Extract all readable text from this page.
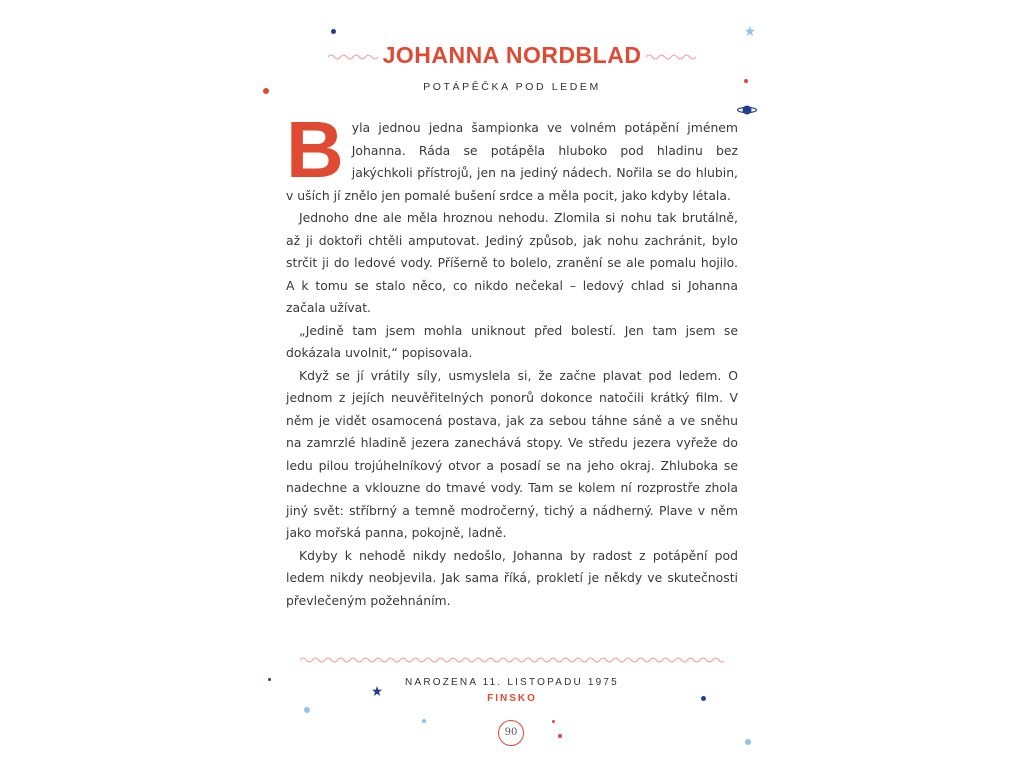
JOHANNA NORDBLAD
POTÁPĚČKA POD LEDEM

Byla jednou jedna šampionka ve volném potápění jménem Johanna. Ráda se potápěla hluboko pod hladinu bez jakýchkoli přístrojů, jen na jediný nádech. Nořila se do hlubin, v uších jí znělo jen pomalé bušení srdce a měla pocit, jako kdyby létala.

Jednoho dne ale měla hroznou nehodu. Zlomila si nohu tak brutálně, až ji doktoři chtěli amputovat. Jediný způsob, jak nohu zachránit, bylo strčit ji do ledové vody. Příšerně to bolelo, zranění se ale pomalu hojilo. A k tomu se stalo něco, co nikdo nečekal – ledový chlad si Johanna začala užívat.

„Jedině tam jsem mohla uniknout před bolestí. Jen tam jsem se dokázala uvolnit,“ popisovala.

Když se jí vrátily síly, usmyslela si, že začne plavat pod ledem. O jednom z jejích neuvěřitelných ponorů dokonce natočili krátký film. V něm je vidět osamocená postava, jak za sebou táhne sáně a ve sněhu na zamrzlé hladině jezera zanechává stopy. Ve středu jezera vyřeže do ledu pilou trojúhelníkový otvor a posadí se na jeho okraj. Zhluboka se nadechne a vklouzne do tmavé vody. Tam se kolem ní rozprostře zhola jiný svět: stříbrný a temně modročerný, tichý a nádherný. Plave v něm jako mořská panna, pokojně, ladně.

Kdyby k nehodě nikdy nedošlo, Johanna by radost z potápění pod ledem nikdy neobjevila. Jak sama říká, prokletí je někdy ve skutečnosti převlečeným požehnáním.

NAROZENA 11. LISTOPADU 1975
FINSKO
90
